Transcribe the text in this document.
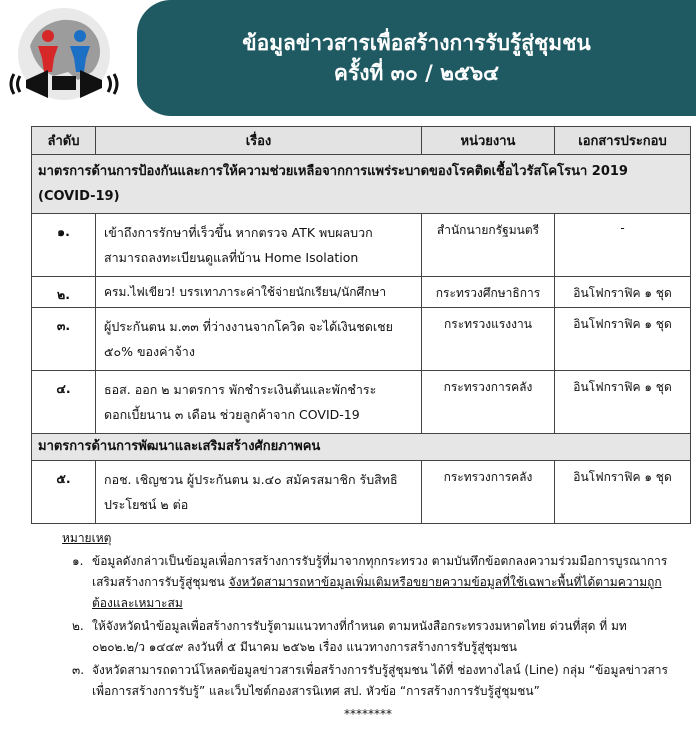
ข้อมูลข่าวสารเพื่อสร้างการรับรู้สู่ชุมชน
ครั้งที่ ๓๐ / ๒๕๖๔
ลำดับ	เรื่อง	หน่วยงาน	เอกสารประกอบ
มาตรการด้านการป้องกันและการให้ความช่วยเหลือจากการแพร่ระบาดของโรคติดเชื้อไวรัสโคโรนา 2019 (COVID-19)			
๑.	เข้าถึงการรักษาที่เร็วขึ้น หากตรวจ ATK พบผลบวก สามารถลงทะเบียนดูแลที่บ้าน Home Isolation	สำนักนายกรัฐมนตรี	-
๒.	ครม.ไฟเขียว! บรรเทาภาระค่าใช้จ่ายนักเรียน/นักศึกษา	กระทรวงศึกษาธิการ	อินโฟกราฟิค ๑ ชุด
๓.	ผู้ประกันตน ม.๓๓ ที่ว่างงานจากโควิด จะได้เงินชดเชย ๕๐% ของค่าจ้าง	กระทรวงแรงงาน	อินโฟกราฟิค ๑ ชุด
๔.	ธอส. ออก ๒ มาตรการ พักชำระเงินต้นและพักชำระดอกเบี้ยนาน ๓ เดือน ช่วยลูกค้าจาก COVID-19	กระทรวงการคลัง	อินโฟกราฟิค ๑ ชุด
มาตรการด้านการพัฒนาและเสริมสร้างศักยภาพคน			
๕.	กอช. เชิญชวน ผู้ประกันตน ม.๔๐ สมัครสมาชิก รับสิทธิประโยชน์ ๒ ต่อ	กระทรวงการคลัง	อินโฟกราฟิค ๑ ชุด
หมายเหตุ
๑. ข้อมูลดังกล่าวเป็นข้อมูลเพื่อการสร้างการรับรู้ที่มาจากทุกกระทรวง ตามบันทึกข้อตกลงความร่วมมือการบูรณาการเสริมสร้างการรับรู้สู่ชุมชน จังหวัดสามารถหาข้อมูลเพิ่มเติมหรือขยายความข้อมูลที่ใช้เฉพาะพื้นที่ได้ตามความถูกต้องและเหมาะสม
๒. ให้จังหวัดนำข้อมูลเพื่อสร้างการรับรู้ตามแนวทางที่กำหนด ตามหนังสือกระทรวงมหาดไทย ด่วนที่สุด ที่ มท ๐๒๐๒.๒/ว ๑๔๔๙ ลงวันที่ ๕ มีนาคม ๒๕๖๒ เรื่อง แนวทางการสร้างการรับรู้สู่ชุมชน
๓. จังหวัดสามารถดาวน์โหลดข้อมูลข่าวสารเพื่อสร้างการรับรู้สู่ชุมชน ได้ที่ ช่องทางไลน์ (Line) กลุ่ม “ข้อมูลข่าวสารเพื่อการสร้างการรับรู้” และเว็บไซต์กองสารนิเทศ สป. หัวข้อ “การสร้างการรับรู้สู่ชุมชน”
********
